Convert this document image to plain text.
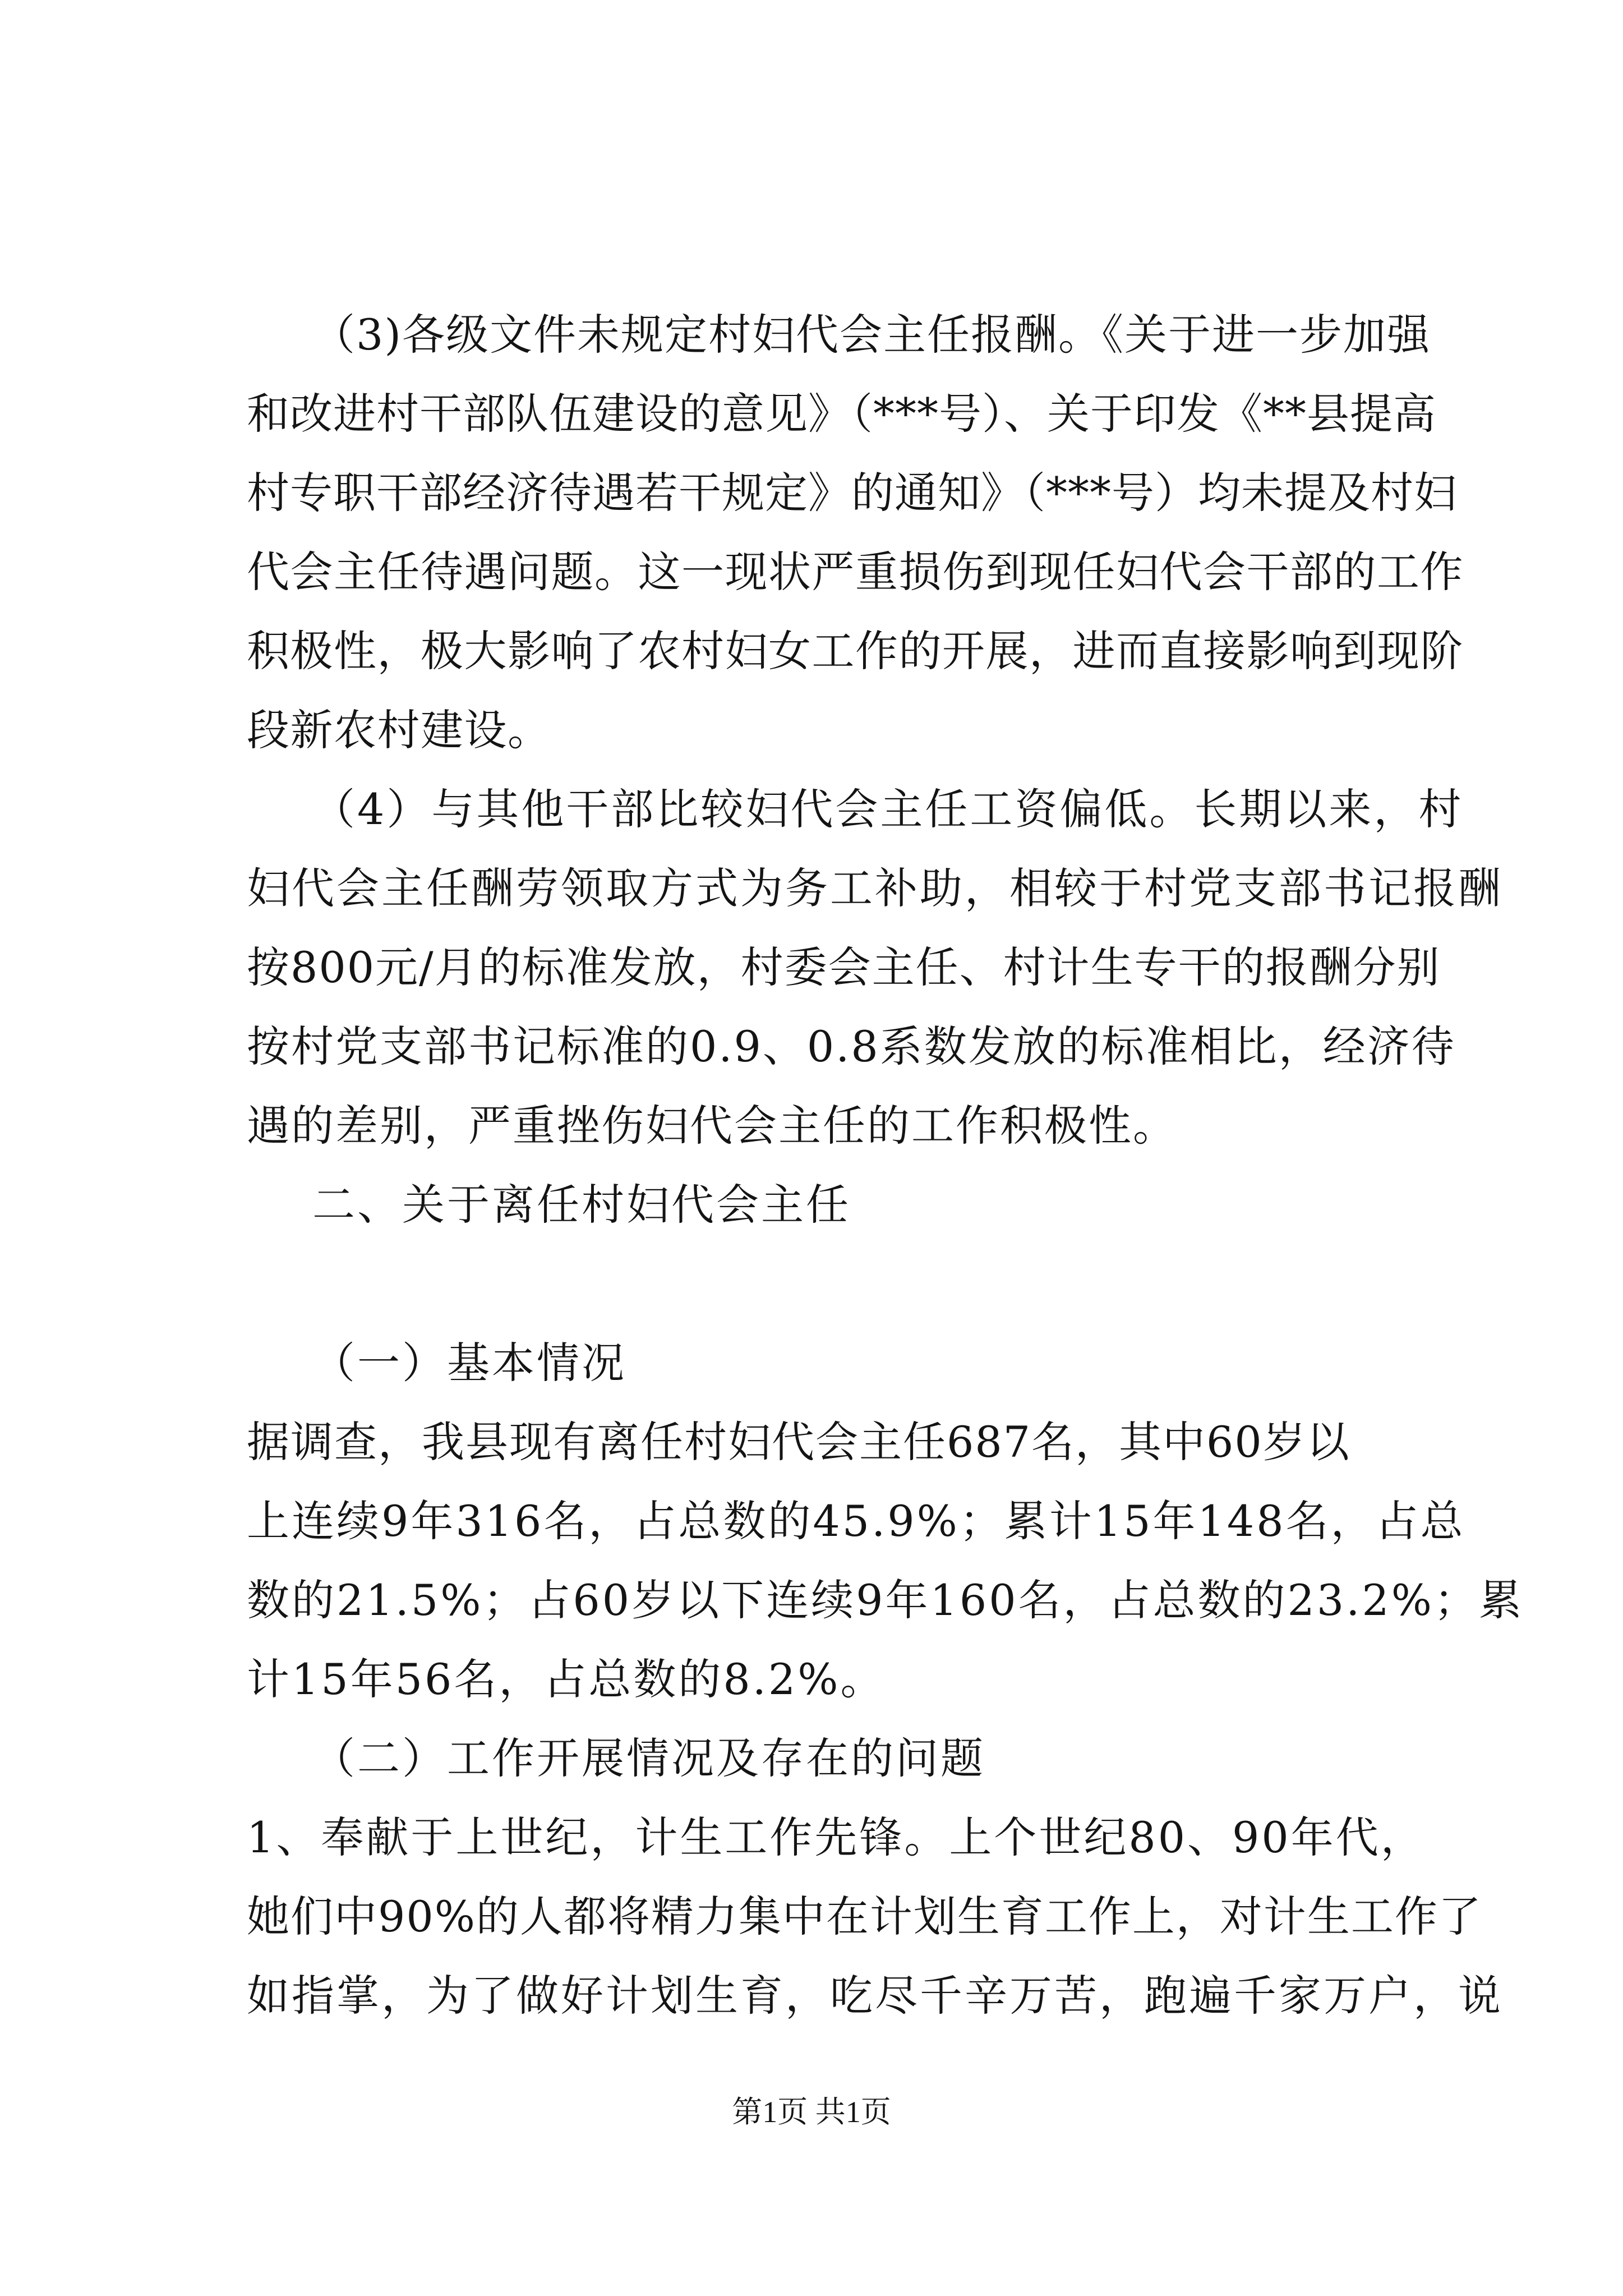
（3)各级文件未规定村妇代会主任报酬。《关于进一步加强
和改进村干部队伍建设的意见》（***号）、关于印发《**县提高
村专职干部经济待遇若干规定》的通知》（***号）均未提及村妇
代会主任待遇问题。这一现状严重损伤到现任妇代会干部的工作
积极性，极大影响了农村妇女工作的开展，进而直接影响到现阶
段新农村建设。
（4）与其他干部比较妇代会主任工资偏低。长期以来，村
妇代会主任酬劳领取方式为务工补助，相较于村党支部书记报酬
按800元/月的标准发放，村委会主任、村计生专干的报酬分别
按村党支部书记标准的0.9、0.8系数发放的标准相比，经济待
遇的差别，严重挫伤妇代会主任的工作积极性。
二、关于离任村妇代会主任
（一）基本情况
据调查，我县现有离任村妇代会主任687名，其中60岁以
上连续9年316名，占总数的45.9%；累计15年148名，占总
数的21.5%；占60岁以下连续9年160名，占总数的23.2%；累
计15年56名，占总数的8.2%。
（二）工作开展情况及存在的问题
1、奉献于上世纪，计生工作先锋。上个世纪80、90年代，
她们中90%的人都将精力集中在计划生育工作上，对计生工作了
如指掌，为了做好计划生育，吃尽千辛万苦，跑遍千家万户，说
第1页 共1页
